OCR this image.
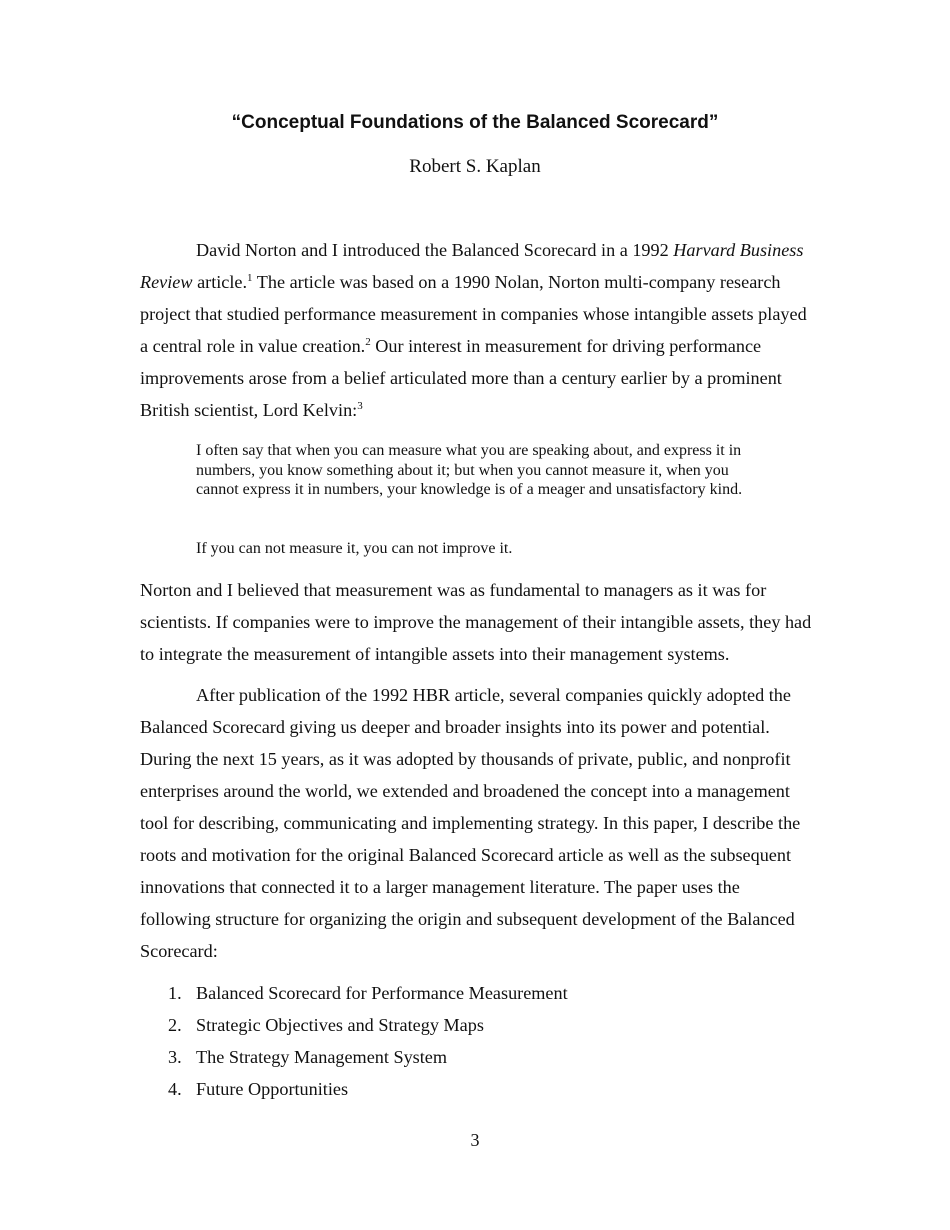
“Conceptual Foundations of the Balanced Scorecard”
Robert S. Kaplan

David Norton and I introduced the Balanced Scorecard in a 1992 Harvard Business Review article.$^1$ The article was based on a 1990 Nolan, Norton multi-company research project that studied performance measurement in companies whose intangible assets played a central role in value creation.$^2$ Our interest in measurement for driving performance improvements arose from a belief articulated more than a century earlier by a prominent British scientist, Lord Kelvin:$^3$

I often say that when you can measure what you are speaking about, and express it in numbers, you know something about it; but when you cannot measure it, when you cannot express it in numbers, your knowledge is of a meager and unsatisfactory kind.

If you can not measure it, you can not improve it.

Norton and I believed that measurement was as fundamental to managers as it was for scientists. If companies were to improve the management of their intangible assets, they had to integrate the measurement of intangible assets into their management systems.

After publication of the 1992 HBR article, several companies quickly adopted the Balanced Scorecard giving us deeper and broader insights into its power and potential. During the next 15 years, as it was adopted by thousands of private, public, and nonprofit enterprises around the world, we extended and broadened the concept into a management tool for describing, communicating and implementing strategy. In this paper, I describe the roots and motivation for the original Balanced Scorecard article as well as the subsequent innovations that connected it to a larger management literature. The paper uses the following structure for organizing the origin and subsequent development of the Balanced Scorecard:

1. Balanced Scorecard for Performance Measurement
2. Strategic Objectives and Strategy Maps
3. The Strategy Management System
4. Future Opportunities
3
